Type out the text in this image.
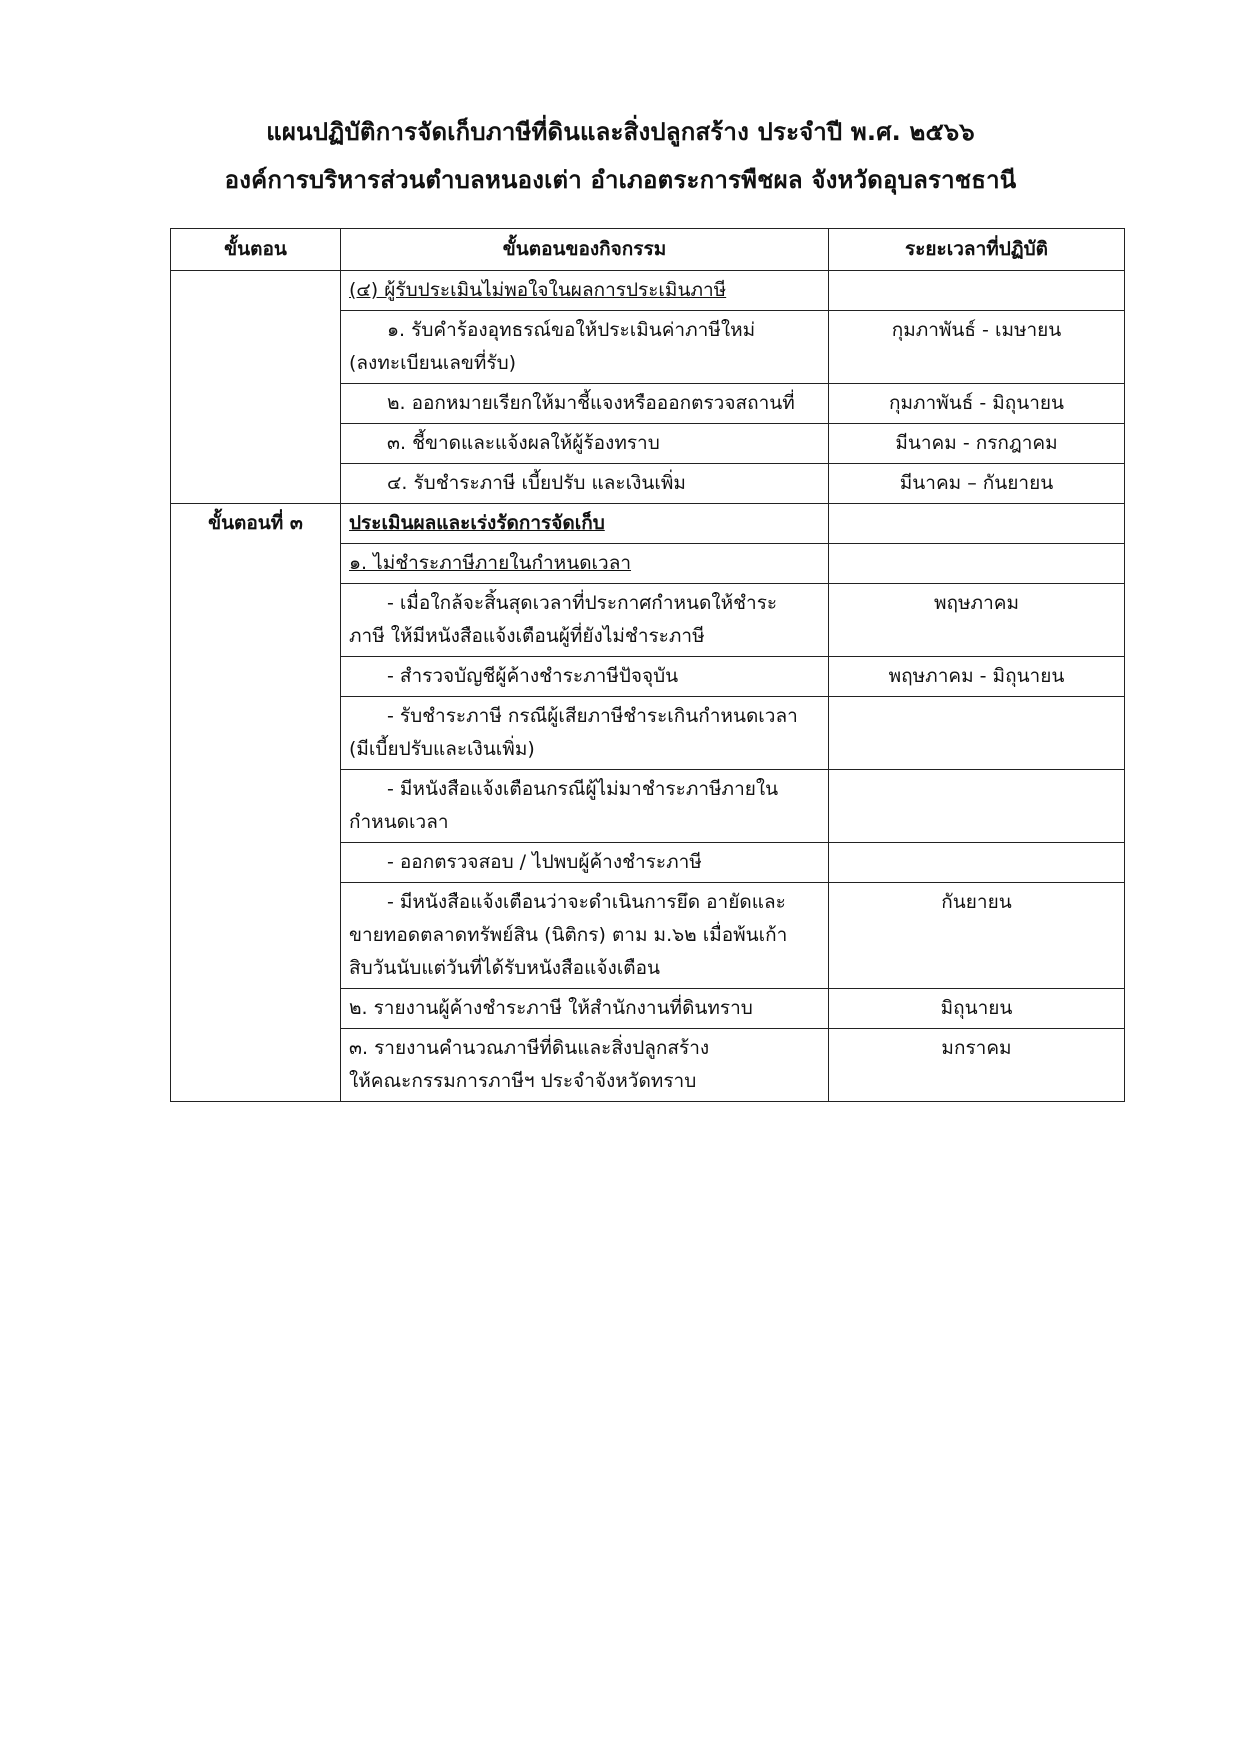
แผนปฏิบัติการจัดเก็บภาษีที่ดินและสิ่งปลูกสร้าง ประจำปี พ.ศ. ๒๕๖๖
องค์การบริหารส่วนตำบลหนองเต่า อำเภอตระการพืชผล จังหวัดอุบลราชธานี
ขั้นตอน	ขั้นตอนของกิจกรรม	ระยะเวลาที่ปฏิบัติ
	(๔) ผู้รับประเมินไม่พอใจในผลการประเมินภาษี	

	๑. รับคำร้องอุทธรณ์ขอให้ประเมินค่าภาษีใหม่
(ลงทะเบียนเลขที่รับ)	กุมภาพันธ์ - เมษายน

	๒. ออกหมายเรียกให้มาชี้แจงหรือออกตรวจสถานที่	กุมภาพันธ์ - มิถุนายน

	๓. ชี้ขาดและแจ้งผลให้ผู้ร้องทราบ	มีนาคม - กรกฎาคม

	๔. รับชำระภาษี เบี้ยปรับ และเงินเพิ่ม	มีนาคม – กันยายน
ขั้นตอนที่ ๓	ประเมินผลและเร่งรัดการจัดเก็บ	
	๑. ไม่ชำระภาษีภายในกำหนดเวลา	

	- เมื่อใกล้จะสิ้นสุดเวลาที่ประกาศกำหนดให้ชำระ
ภาษี ให้มีหนังสือแจ้งเตือนผู้ที่ยังไม่ชำระภาษี	พฤษภาคม

	- สำรวจบัญชีผู้ค้างชำระภาษีปัจจุบัน	พฤษภาคม - มิถุนายน

	- รับชำระภาษี กรณีผู้เสียภาษีชำระเกินกำหนดเวลา
(มีเบี้ยปรับและเงินเพิ่ม)	

	- มีหนังสือแจ้งเตือนกรณีผู้ไม่มาชำระภาษีภายใน
กำหนดเวลา	

	- ออกตรวจสอบ / ไปพบผู้ค้างชำระภาษี	

	- มีหนังสือแจ้งเตือนว่าจะดำเนินการยึด อายัดและ
ขายทอดตลาดทรัพย์สิน (นิติกร) ตาม ม.๖๒ เมื่อพ้นเก้า
สิบวันนับแต่วันที่ได้รับหนังสือแจ้งเตือน	กันยายน

	๒. รายงานผู้ค้างชำระภาษี ให้สำนักงานที่ดินทราบ	มิถุนายน

	๓. รายงานคำนวณภาษีที่ดินและสิ่งปลูกสร้าง
ให้คณะกรรมการภาษีฯ ประจำจังหวัดทราบ	มกราคม
